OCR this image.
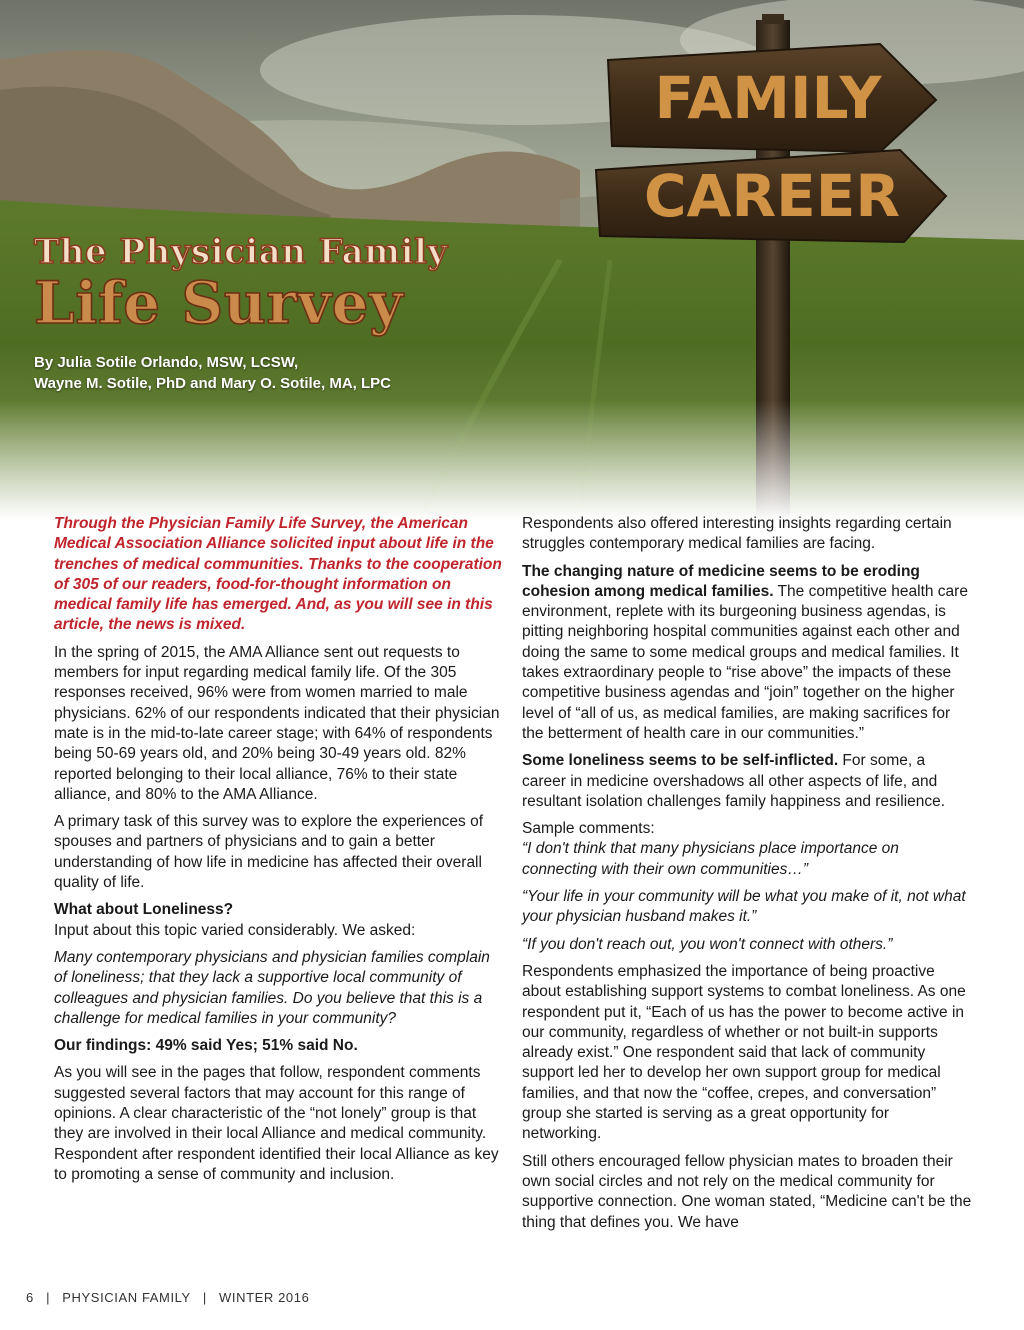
FAMILY
CAREER
The Physician Family
Life Survey
By Julia Sotile Orlando, MSW, LCSW,
Wayne M. Sotile, PhD and Mary O. Sotile, MA, LPC

Through the Physician Family Life Survey, the American Medical Association Alliance solicited input about life in the trenches of medical communities. Thanks to the cooperation of 305 of our readers, food-for-thought information on medical family life has emerged. And, as you will see in this article, the news is mixed.

In the spring of 2015, the AMA Alliance sent out requests to members for input regarding medical family life. Of the 305 responses received, 96% were from women married to male physicians. 62% of our respondents indicated that their physician mate is in the mid-to-late career stage; with 64% of respondents being 50-69 years old, and 20% being 30-49 years old. 82% reported belonging to their local alliance, 76% to their state alliance, and 80% to the AMA Alliance.

A primary task of this survey was to explore the experiences of spouses and partners of physicians and to gain a better understanding of how life in medicine has affected their overall quality of life.

What about Loneliness?
Input about this topic varied considerably. We asked:

Many contemporary physicians and physician families complain of loneliness; that they lack a supportive local community of colleagues and physician families. Do you believe that this is a challenge for medical families in your community?

Our findings: 49% said Yes; 51% said No.

As you will see in the pages that follow, respondent comments suggested several factors that may account for this range of opinions. A clear characteristic of the “not lonely” group is that they are involved in their local Alliance and medical community. Respondent after respondent identified their local Alliance as key to promoting a sense of community and inclusion.

Respondents also offered interesting insights regarding certain struggles contemporary medical families are facing.

The changing nature of medicine seems to be eroding cohesion among medical families. The competitive health care environment, replete with its burgeoning business agendas, is pitting neighboring hospital communities against each other and doing the same to some medical groups and medical families. It takes extraordinary people to “rise above” the impacts of these competitive business agendas and “join” together on the higher level of “all of us, as medical families, are making sacrifices for the betterment of health care in our communities.”

Some loneliness seems to be self-inflicted. For some, a career in medicine overshadows all other aspects of life, and resultant isolation challenges family happiness and resilience.

Sample comments:
“I don't think that many physicians place importance on connecting with their own communities…”

“Your life in your community will be what you make of it, not what your physician husband makes it.”

“If you don't reach out, you won't connect with others.”

Respondents emphasized the importance of being proactive about establishing support systems to combat loneliness. As one respondent put it, “Each of us has the power to become active in our community, regardless of whether or not built-in supports already exist.” One respondent said that lack of community support led her to develop her own support group for medical families, and that now the “coffee, crepes, and conversation” group she started is serving as a great opportunity for networking.

Still others encouraged fellow physician mates to broaden their own social circles and not rely on the medical community for supportive connection. One woman stated, “Medicine can't be the thing that defines you. We have

6 | PHYSICIAN FAMILY | WINTER 2016
